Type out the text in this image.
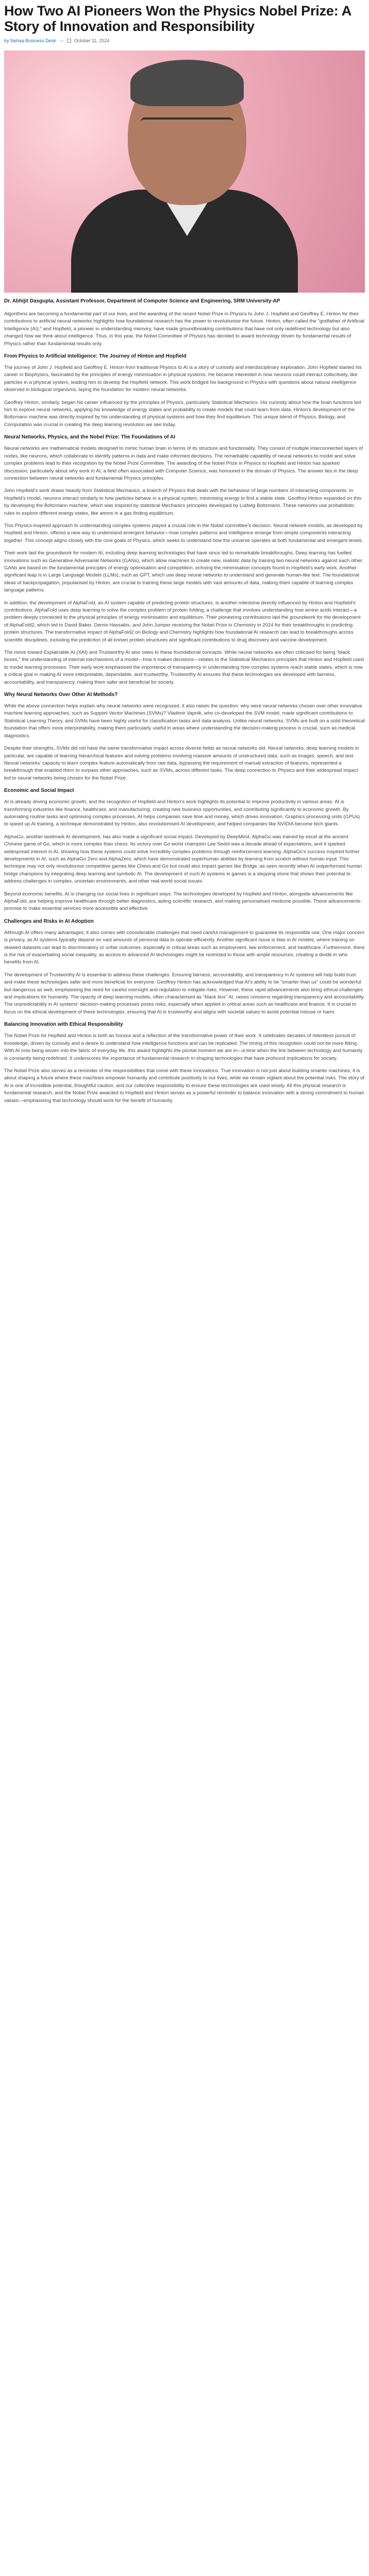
How Two AI Pioneers Won the Physics Nobel Prize: A Story of Innovation and Responsibility
by Nehaa Business Desk — October 11, 2024
Dr. Abhijit Dasgupta, Assistant Professor, Department of Computer Science and Engineering, SRM University-AP

Algorithms are becoming a fundamental part of our lives, and the awarding of the recent Nobel Prize in Physics to John J. Hopfield and Geoffrey E. Hinton for their contributions to artificial neural networks highlights how foundational research has the power to revolutionise the future. Hinton, often called the "godfather of Artificial Intelligence (AI)," and Hopfield, a pioneer in understanding memory, have made groundbreaking contributions that have not only redefined technology but also changed how we think about intelligence. Thus, in this year, the Nobel Committee of Physics has decided to award technology driven by fundamental results of Physics rather than fundamental results only.

From Physics to Artificial Intelligence: The Journey of Hinton and Hopfield

The journey of John J. Hopfield and Geoffrey E. Hinton from traditional Physics to AI is a story of curiosity and interdisciplinary exploration. John Hopfield started his career in Biophysics, fascinated by the principles of energy minimisation in physical systems. He became interested in how neurons could interact collectively, like particles in a physical system, leading him to develop the Hopfield network. This work bridged his background in Physics with questions about natural intelligence observed in biological organisms, laying the foundation for modern neural networks.

Geoffrey Hinton, similarly, began his career influenced by the principles of Physics, particularly Statistical Mechanics. His curiosity about how the brain functions led him to explore neural networks, applying his knowledge of energy states and probability to create models that could learn from data. Hinton's development of the Boltzmann machine was directly inspired by his understanding of physical systems and how they find equilibrium. This unique blend of Physics, Biology, and Computation was crucial in creating the deep learning revolution we see today.

Neural Networks, Physics, and the Nobel Prize: The Foundations of AI

Neural networks are mathematical models designed to mimic human brain in terms of its structure and functionality. They consist of multiple interconnected layers of nodes, like neurons, which collaborate to identify patterns in data and make informed decisions. The remarkable capability of neural networks to model and solve complex problems lead to their recognition by the Nobel Prize Committee. The awarding of the Nobel Prize in Physics to Hopfield and Hinton has sparked discussion, particularly about why work in AI, a field often associated with Computer Science, was honoured in the domain of Physics. The answer lies in the deep connection between neural networks and fundamental Physics principles.

John Hopfield's work draws heavily from Statistical Mechanics, a branch of Physics that deals with the behaviour of large numbers of interacting components. In Hopfield's model, neurons interact similarly to how particles behave in a physical system, minimising energy to find a stable state. Geoffrey Hinton expanded on this by developing the Boltzmann machine, which was inspired by statistical Mechanics principles developed by Ludwig Boltzmann. These networks use probabilistic rules to explore different energy states, like atoms in a gas finding equilibrium.

This Physics-inspired approach to understanding complex systems played a crucial role in the Nobel committee's decision. Neural network models, as developed by Hopfield and Hinton, offered a new way to understand emergent behavior—how complex patterns and intelligence emerge from simple components interacting together. This concept aligns closely with the core goals of Physics, which seeks to understand how the universe operates at both fundamental and emergent levels.

Their work laid the groundwork for modern AI, including deep learning technologies that have since led to remarkable breakthroughs. Deep learning has fuelled innovations such as Generative Adversarial Networks (GANs), which allow machines to create new, realistic data by training two neural networks against each other. GANs are based on the fundamental principles of energy optimisation and competition, echoing the minimisation concepts found in Hopfield's early work. Another significant leap is in Large Language Models (LLMs), such as GPT, which use deep neural networks to understand and generate human-like text. The foundational ideas of backpropagation, popularised by Hinton, are crucial to training these large models with vast amounts of data, making them capable of learning complex language patterns.

In addition, the development of AlphaFold, an AI system capable of predicting protein structures, is another milestone directly influenced by Hinton and Hopfield's contributions. AlphaFold uses deep learning to solve the complex problem of protein folding, a challenge that involves understanding how amino acids interact—a problem deeply connected to the physical principles of energy minimisation and equilibrium. Their pioneering contributions laid the groundwork for the development of AlphaFold2, which led to David Baker, Demis Hassabis, and John Jumper receiving the Nobel Prize in Chemistry in 2024 for their breakthroughs in predicting protein structures. The transformative impact of AlphaFold2 on Biology and Chemistry highlights how foundational AI research can lead to breakthroughs across scientific disciplines, including the prediction of all known protein structures and significant contributions to drug discovery and vaccine development.

The move toward Explainable AI (XAI) and Trustworthy AI also owes to these foundational concepts. While neural networks are often criticised for being "black boxes," the understanding of internal mechanisms of a model—how it makes decisions—relates to the Statistical Mechanics principles that Hinton and Hopfield used to model learning processes. Their early work emphasised the importance of transparency in understanding how complex systems reach stable states, which is now a critical goal in making AI more interpretable, dependable, and trustworthy. Trustworthy AI ensures that these technologies are developed with fairness, accountability, and transparency, making them safer and beneficial for society.

Why Neural Networks Over Other AI Methods?

While the above connection helps explain why neural networks were recognized, it also raises the question: why were neural networks chosen over other innovative machine learning approaches, such as Support Vector Machines (SVMs)? Vladimir Vapnik, who co-developed the SVM model, made significant contributions to Statistical Learning Theory, and SVMs have been highly useful for classification tasks and data analysis. Unlike neural networks, SVMs are built on a solid theoretical foundation that offers more interpretability, making them particularly useful in areas where understanding the decision-making process is crucial, such as medical diagnostics.

Despite their strengths, SVMs did not have the same transformative impact across diverse fields as neural networks did. Neural networks, deep learning models in particular, are capable of learning hierarchical features and solving problems involving massive amounts of unstructured data, such as images, speech, and text. Neural networks' capacity to learn complex feature automatically from raw data, bypassing the requirement of manual extraction of features, represented a breakthrough that enabled them to surpass other approaches, such as SVMs, across different tasks. The deep connection to Physics and their widespread impact led to neural networks being chosen for the Nobel Prize.

Economic and Social Impact

AI is already driving economic growth, and the recognition of Hopfield and Hinton's work highlights its potential to improve productivity in various areas. AI is transforming industries like finance, healthcare, and manufacturing, creating new business opportunities, and contributing significantly to economic growth. By automating routine tasks and optimising complex processes, AI helps companies save time and money, which drives innovation. Graphics processing units (GPUs) to speed up AI training, a technique demonstrated by Hinton, also revolutionised AI development, and helped companies like NVIDIA become tech giants.

AlphaGo, another landmark AI development, has also made a significant social impact. Developed by DeepMind, AlphaGo was trained by excel at the ancient Chinese game of Go, which is more complex than chess. Its victory over Go world champion Lee Sedol was a decade ahead of expectations, and it sparked widespread interest in AI, showing how these systems could solve incredibly complex problems through reinforcement learning. AlphaGo's success inspired further developments in AI, such as AlphaGo Zero and AlphaZero, which have demonstrated superhuman abilities by learning from scratch without human input. This technique may not only revolutionise competitive games like Chess and Go but could also impact games like Bridge, as seen recently when AI outperformed human bridge champions by integrating deep learning and symbolic AI. The development of such AI systems in games is a stepping stone that shows their potential to address challenges in complex, uncertain environments, and other real-world social issues.

Beyond economic benefits, AI is changing our social lives in significant ways. The technologies developed by Hopfield and Hinton, alongside advancements like AlphaFold, are helping improve healthcare through better diagnostics, aiding scientific research, and making personalised medicine possible. These advancements promise to make essential services more accessible and effective.

Challenges and Risks in AI Adoption

Although AI offers many advantages, it also comes with considerable challenges that need careful management to guarantee its responsible use. One major concern is privacy, as AI systems typically depend on vast amounts of personal data to operate efficiently. Another significant issue is bias in AI models, where training on skewed datasets can lead to discriminatory or unfair outcomes, especially in critical areas such as employment, law enforcement, and healthcare. Furthermore, there is the risk of exacerbating social inequality, as access to advanced AI technologies might be restricted to those with ample resources, creating a divide in who benefits from AI.

The development of Trustworthy AI is essential to address these challenges. Ensuring fairness, accountability, and transparency in AI systems will help build trust and make these technologies safer and more beneficial for everyone. Geoffrey Hinton has acknowledged that AI's ability to be "smarter than us" could be wonderful but dangerous as well, emphasising the need for careful oversight and regulation to mitigate risks. However, these rapid advancements also bring ethical challenges and implications for humanity. The opacity of deep learning models, often characterised as "black box" AI, raises concerns regarding transparency and accountability. The unpredictability in AI systems' decision-making processes poses risks, especially when applied in critical areas such as healthcare and finance. It is crucial to focus on the ethical development of these technologies, ensuring that AI is trustworthy and aligns with societal values to avoid potential misuse or harm.

Balancing Innovation with Ethical Responsibility

The Nobel Prize for Hopfield and Hinton is both an honour and a reflection of the transformative power of their work. It celebrates decades of relentless pursuit of knowledge, driven by curiosity and a desire to understand how intelligence functions and can be replicated. The timing of this recognition could not be more fitting. With AI now being woven into the fabric of everyday life, this award highlights the pivotal moment we are in—a time when the line between technology and humanity is constantly being redefined. It underscores the importance of fundamental research in shaping technologies that have profound implications for society.

The Nobel Prize also serves as a reminder of the responsibilities that come with these innovations. True innovation is not just about building smarter machines; it is about shaping a future where these machines empower humanity and contribute positively to our lives, while we remain vigilant about the potential risks. The story of AI is one of incredible potential, thoughtful caution, and our collective responsibility to ensure these technologies are used wisely. All this physical research is fundamental research, and the Nobel Prize awarded to Hopfield and Hinton serves as a powerful reminder to balance innovation with a strong commitment to human values—emphasising that technology should work for the benefit of humanity.
